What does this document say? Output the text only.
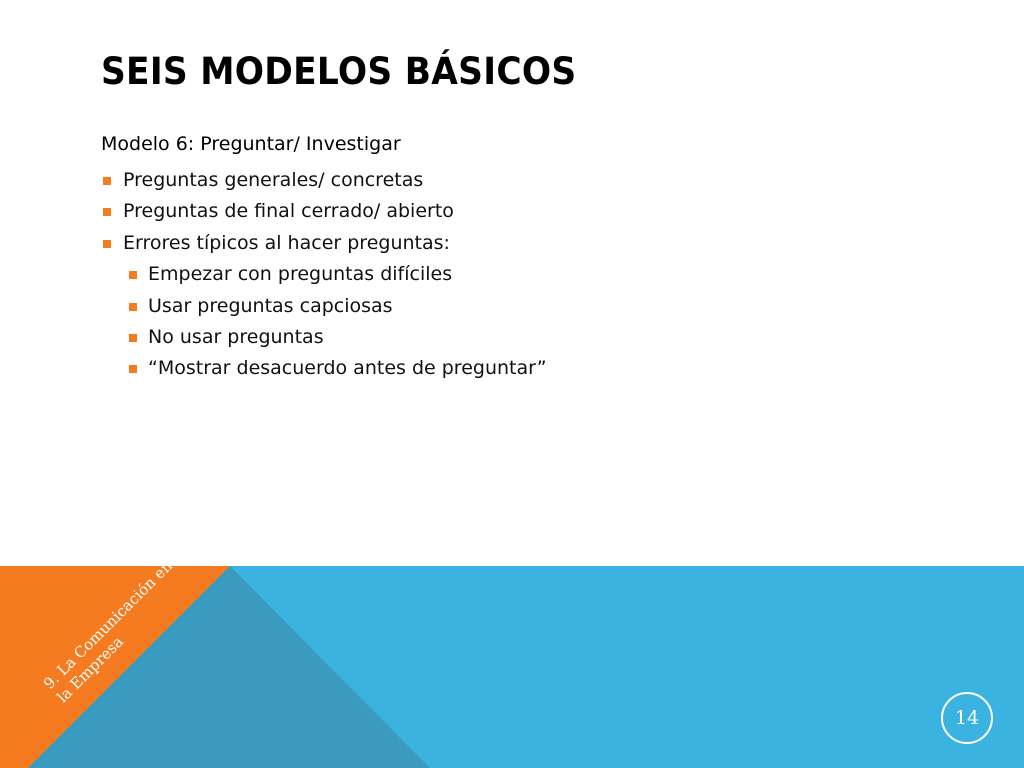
SEIS MODELOS BÁSICOS

Modelo 6: Preguntar/ Investigar

Preguntas generales/ concretas
Preguntas de final cerrado/ abierto
Errores típicos al hacer preguntas:
Empezar con preguntas difíciles
Usar preguntas capciosas
No usar preguntas
“Mostrar desacuerdo antes de preguntar”
9. La Comunicación en la Empresa
14
